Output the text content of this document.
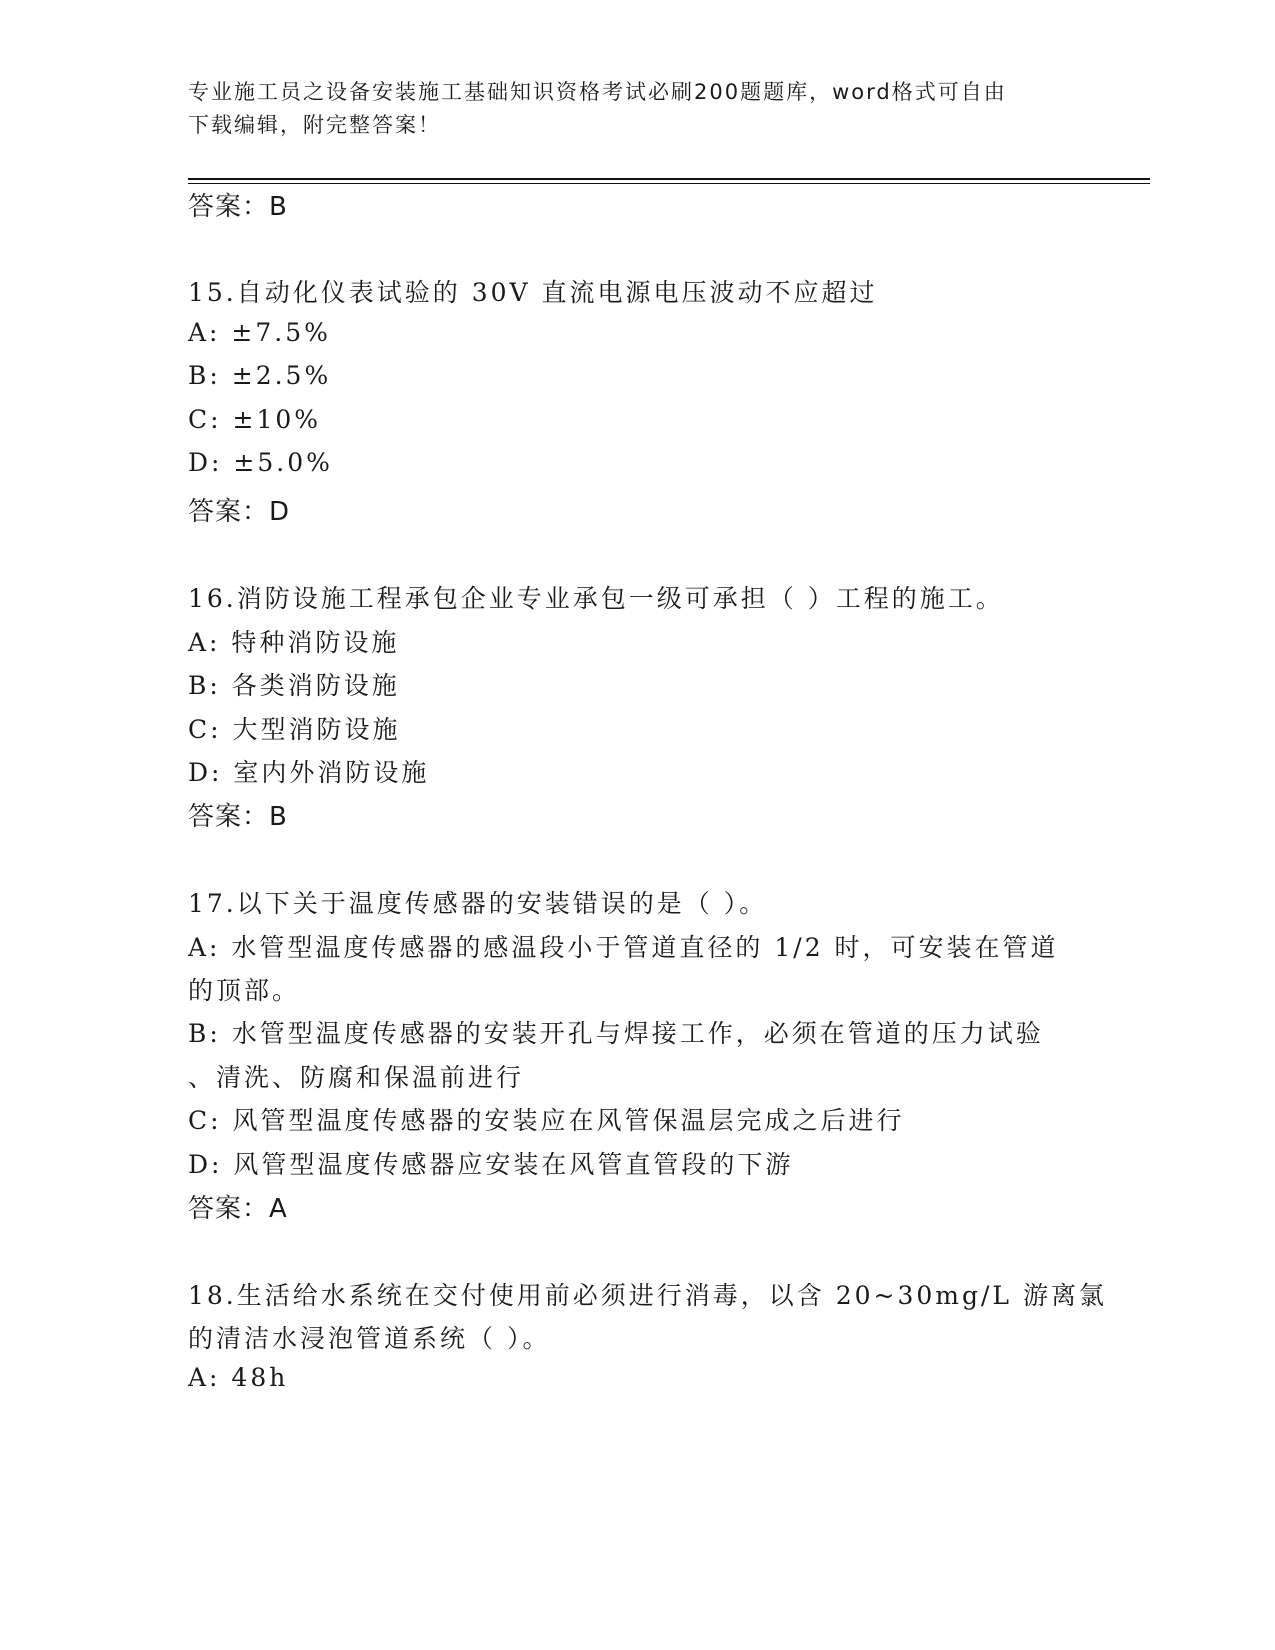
专业施工员之设备安装施工基础知识资格考试必刷200题题库，word格式可自由
下载编辑，附完整答案！
答案：B
15.自动化仪表试验的 30V 直流电源电压波动不应超过
A: ±7.5%
B: ±2.5%
C: ±10%
D: ±5.0%
答案：D
16.消防设施工程承包企业专业承包一级可承担（ ）工程的施工。
A: 特种消防设施
B: 各类消防设施
C: 大型消防设施
D: 室内外消防设施
答案：B
17.以下关于温度传感器的安装错误的是（ ）。
A: 水管型温度传感器的感温段小于管道直径的 1/2 时，可安装在管道
的顶部。
B: 水管型温度传感器的安装开孔与焊接工作，必须在管道的压力试验
、清洗、防腐和保温前进行
C: 风管型温度传感器的安装应在风管保温层完成之后进行
D: 风管型温度传感器应安装在风管直管段的下游
答案：A
18.生活给水系统在交付使用前必须进行消毒，以含 20~30mg/L 游离氯
的清洁水浸泡管道系统（ ）。
A: 48h
